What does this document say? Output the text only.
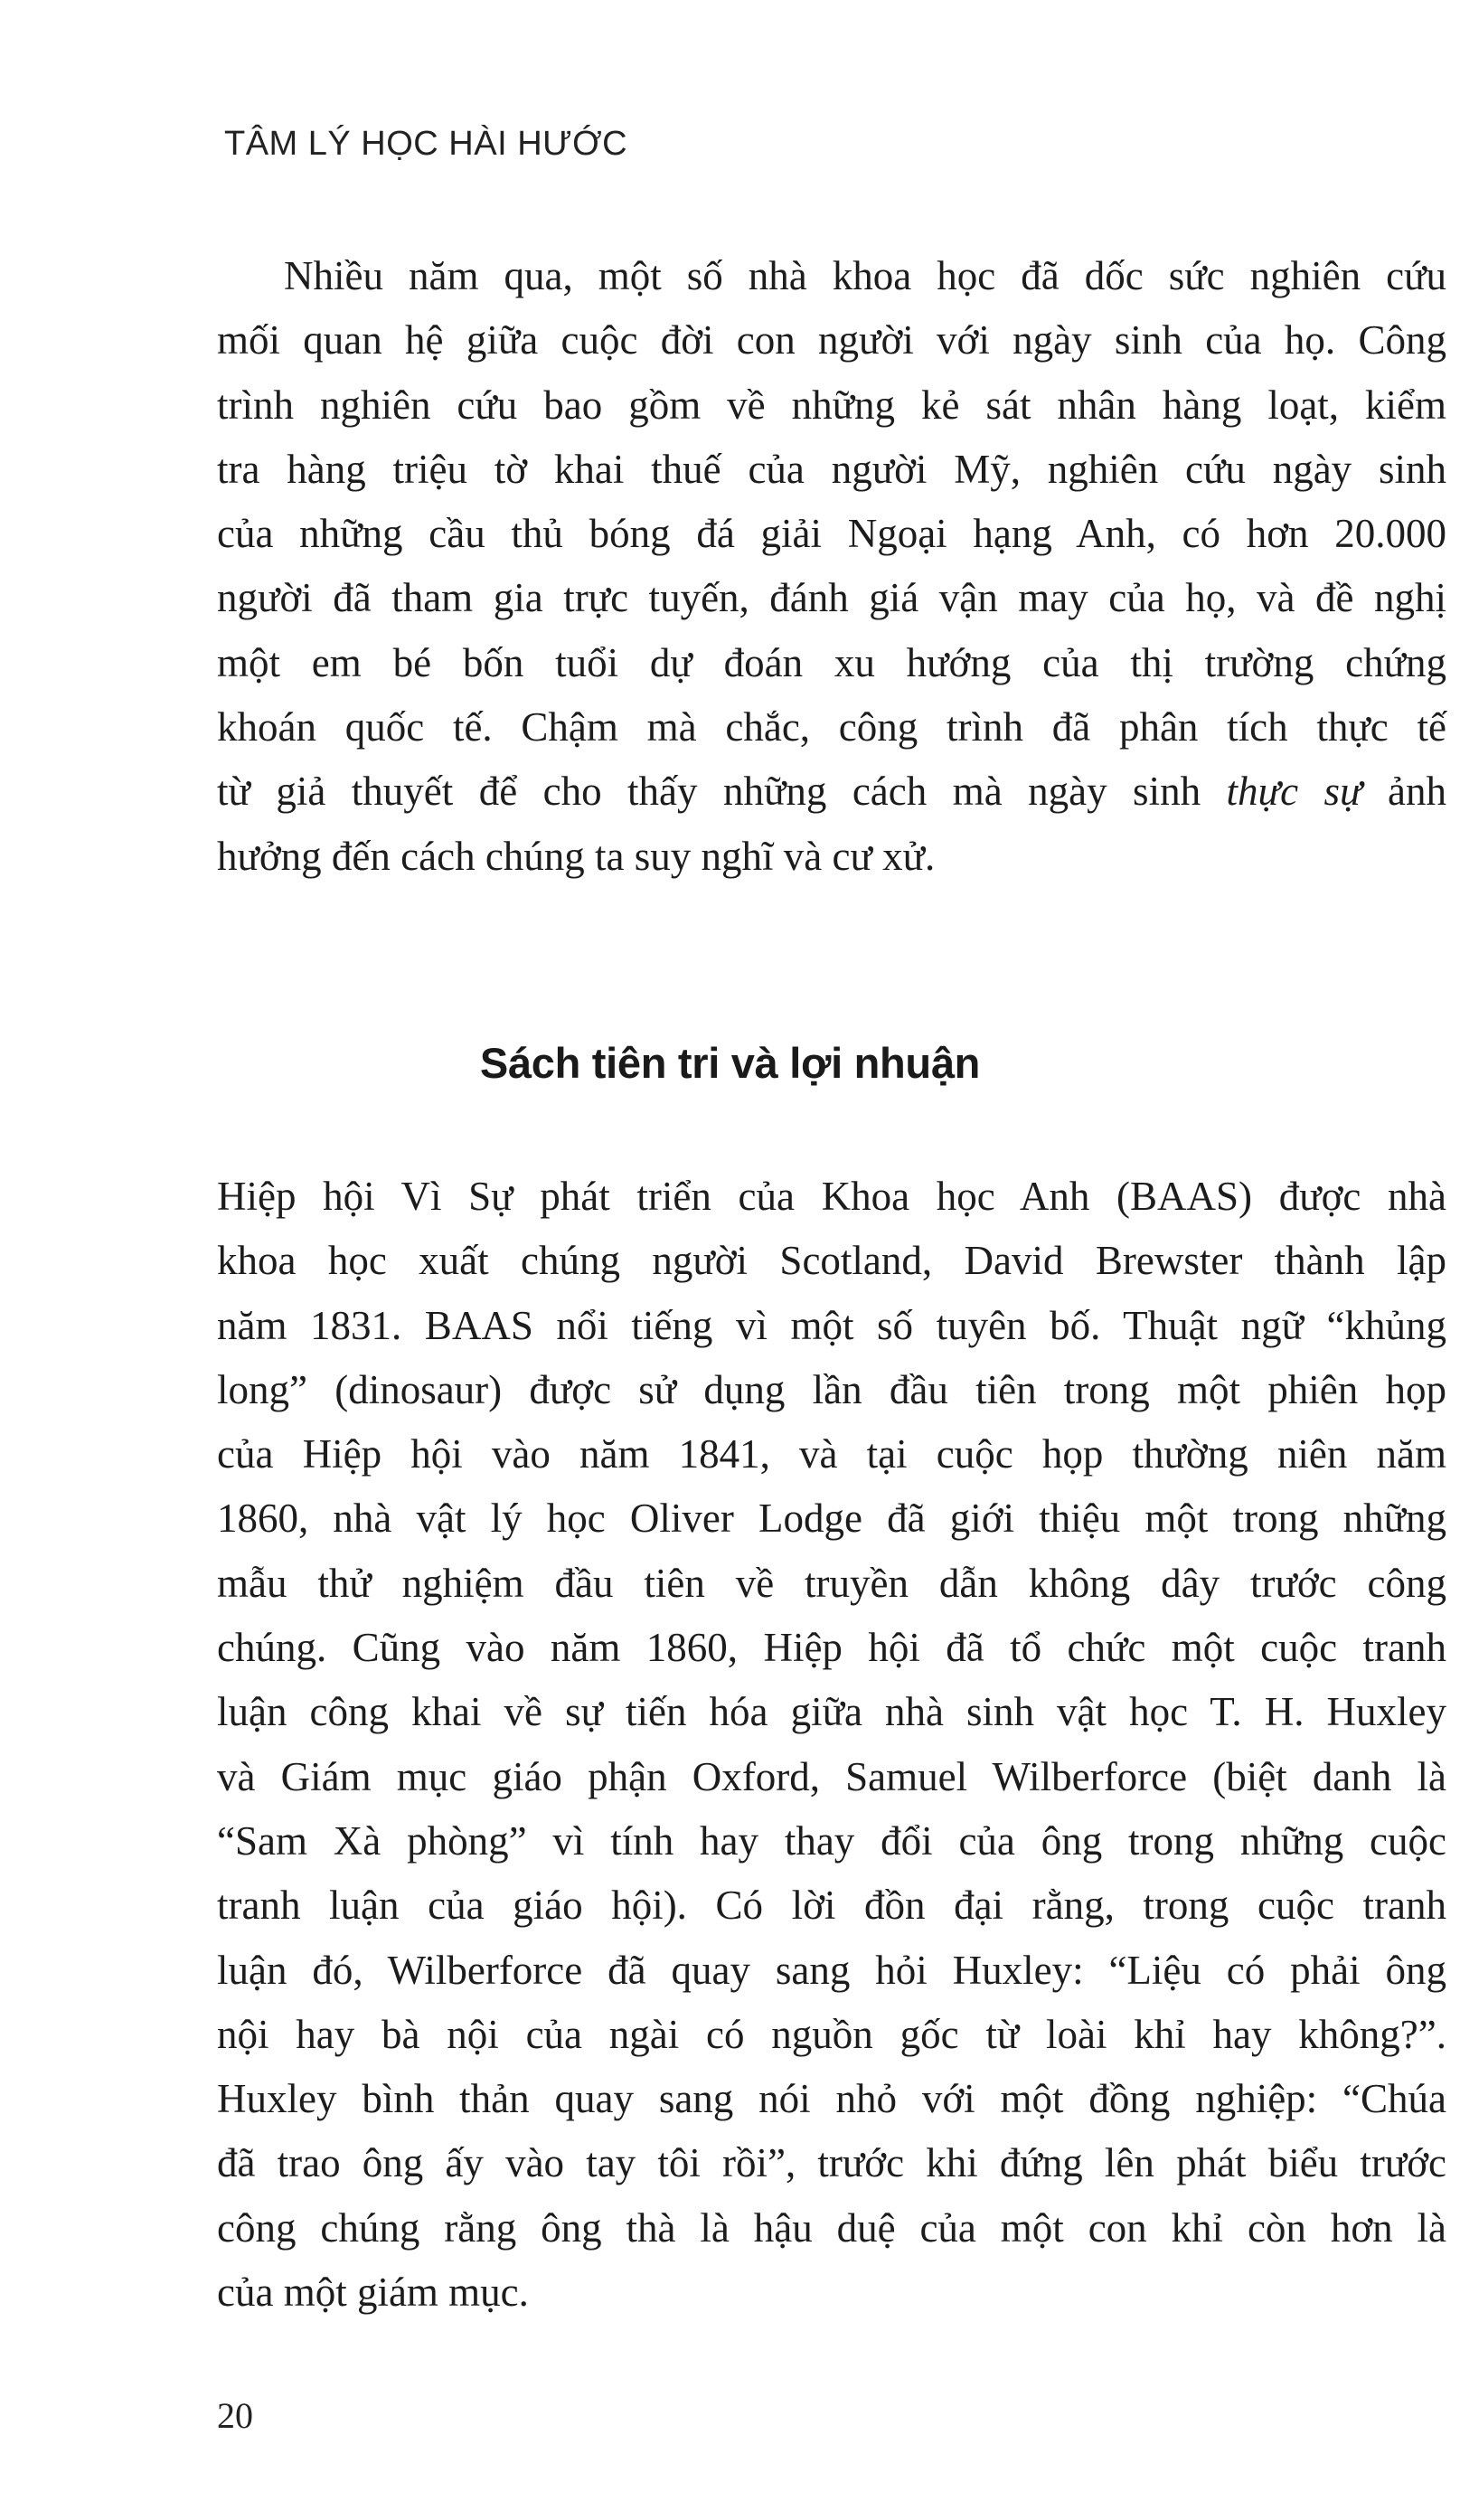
TÂM LÝ HỌC HÀI HƯỚC
Nhiều năm qua, một số nhà khoa học đã dốc sức nghiên cứu
mối quan hệ giữa cuộc đời con người với ngày sinh của họ. Công
trình nghiên cứu bao gồm về những kẻ sát nhân hàng loạt, kiểm
tra hàng triệu tờ khai thuế của người Mỹ, nghiên cứu ngày sinh
của những cầu thủ bóng đá giải Ngoại hạng Anh, có hơn 20.000
người đã tham gia trực tuyến, đánh giá vận may của họ, và đề nghị
một em bé bốn tuổi dự đoán xu hướng của thị trường chứng
khoán quốc tế. Chậm mà chắc, công trình đã phân tích thực tế
từ giả thuyết để cho thấy những cách mà ngày sinh thực sự ảnh
hưởng đến cách chúng ta suy nghĩ và cư xử.
Sách tiên tri và lợi nhuận
Hiệp hội Vì Sự phát triển của Khoa học Anh (BAAS) được nhà
khoa học xuất chúng người Scotland, David Brewster thành lập
năm 1831. BAAS nổi tiếng vì một số tuyên bố. Thuật ngữ “khủng
long” (dinosaur) được sử dụng lần đầu tiên trong một phiên họp
của Hiệp hội vào năm 1841, và tại cuộc họp thường niên năm
1860, nhà vật lý học Oliver Lodge đã giới thiệu một trong những
mẫu thử nghiệm đầu tiên về truyền dẫn không dây trước công
chúng. Cũng vào năm 1860, Hiệp hội đã tổ chức một cuộc tranh
luận công khai về sự tiến hóa giữa nhà sinh vật học T. H. Huxley
và Giám mục giáo phận Oxford, Samuel Wilberforce (biệt danh là
“Sam Xà phòng” vì tính hay thay đổi của ông trong những cuộc
tranh luận của giáo hội). Có lời đồn đại rằng, trong cuộc tranh
luận đó, Wilberforce đã quay sang hỏi Huxley: “Liệu có phải ông
nội hay bà nội của ngài có nguồn gốc từ loài khỉ hay không?”.
Huxley bình thản quay sang nói nhỏ với một đồng nghiệp: “Chúa
đã trao ông ấy vào tay tôi rồi”, trước khi đứng lên phát biểu trước
công chúng rằng ông thà là hậu duệ của một con khỉ còn hơn là
của một giám mục.
20
